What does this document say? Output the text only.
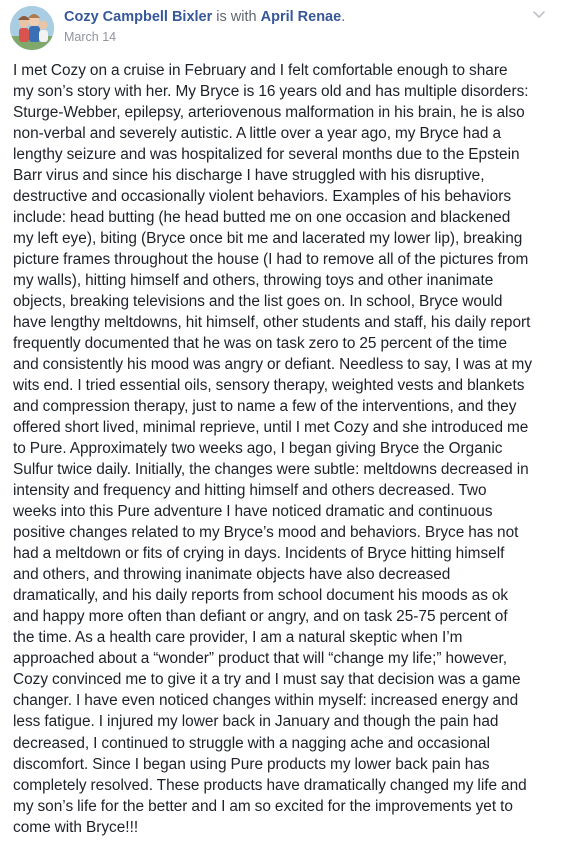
Cozy Campbell Bixler is with April Renae.
March 14
I met Cozy on a cruise in February and I felt comfortable enough to share
my son’s story with her. My Bryce is 16 years old and has multiple disorders:
Sturge-Webber, epilepsy, arteriovenous malformation in his brain, he is also
non-verbal and severely autistic. A little over a year ago, my Bryce had a
lengthy seizure and was hospitalized for several months due to the Epstein
Barr virus and since his discharge I have struggled with his disruptive,
destructive and occasionally violent behaviors. Examples of his behaviors
include: head butting (he head butted me on one occasion and blackened
my left eye), biting (Bryce once bit me and lacerated my lower lip), breaking
picture frames throughout the house (I had to remove all of the pictures from
my walls), hitting himself and others, throwing toys and other inanimate
objects, breaking televisions and the list goes on. In school, Bryce would
have lengthy meltdowns, hit himself, other students and staff, his daily report
frequently documented that he was on task zero to 25 percent of the time
and consistently his mood was angry or defiant. Needless to say, I was at my
wits end. I tried essential oils, sensory therapy, weighted vests and blankets
and compression therapy, just to name a few of the interventions, and they
offered short lived, minimal reprieve, until I met Cozy and she introduced me
to Pure. Approximately two weeks ago, I began giving Bryce the Organic
Sulfur twice daily. Initially, the changes were subtle: meltdowns decreased in
intensity and frequency and hitting himself and others decreased. Two
weeks into this Pure adventure I have noticed dramatic and continuous
positive changes related to my Bryce’s mood and behaviors. Bryce has not
had a meltdown or fits of crying in days. Incidents of Bryce hitting himself
and others, and throwing inanimate objects have also decreased
dramatically, and his daily reports from school document his moods as ok
and happy more often than defiant or angry, and on task 25-75 percent of
the time. As a health care provider, I am a natural skeptic when I’m
approached about a “wonder” product that will “change my life;” however,
Cozy convinced me to give it a try and I must say that decision was a game
changer. I have even noticed changes within myself: increased energy and
less fatigue. I injured my lower back in January and though the pain had
decreased, I continued to struggle with a nagging ache and occasional
discomfort. Since I began using Pure products my lower back pain has
completely resolved. These products have dramatically changed my life and
my son’s life for the better and I am so excited for the improvements yet to
come with Bryce!!!
